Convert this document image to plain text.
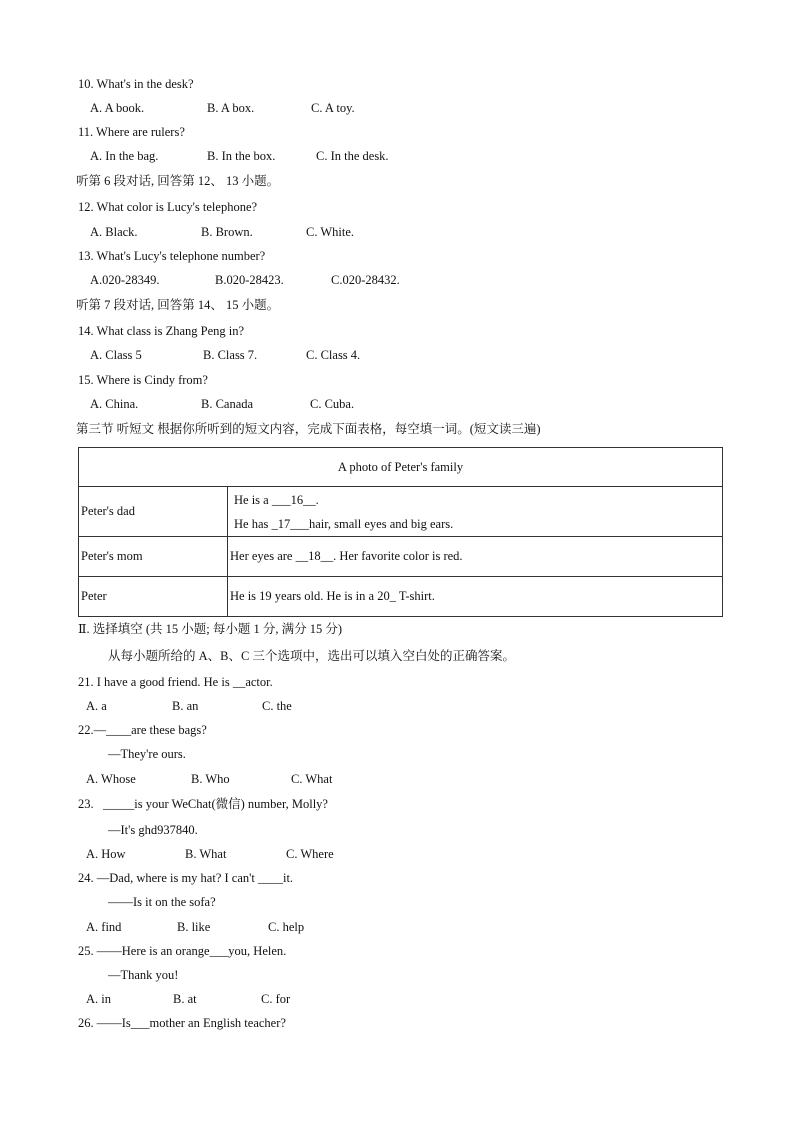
10. What's in the desk?
A. A book.	B. A box.	C. A toy.
11. Where are rulers?
A. In the bag.	B. In the box.	C. In the desk.
听第 6 段对话, 回答第 12、 13 小题。
12. What color is Lucy's telephone?
A. Black.	B. Brown.	C. White.
13. What's Lucy's telephone number?
A.020-28349.	B.020-28423.	C.020-28432.
听第 7 段对话, 回答第 14、 15 小题。
14. What class is Zhang Peng in?
A. Class 5	B. Class 7.	C. Class 4.
15. Where is Cindy from?
A. China.	B. Canada	C. Cuba.
第三节 听短文 根据你所听到的短文内容，完成下面表格，每空填一词。(短文读三遍)
A photo of Peter's family	
Peter's dad	He is a ___16__.
He has _17___hair, small eyes and big ears.

Peter's mom	Her eyes are __18__. Her favorite color is red.
Peter	He is 19 years old. He is in a 20_ T-shirt.
Ⅱ. 选择填空 (共 15 小题; 每小题 1 分, 满分 15 分)
从每小题所给的 A、B、C 三个选项中，选出可以填入空白处的正确答案。
21. I have a good friend. He is __actor.
A. a	B. an	C. the
22.—____are these bags?
—They're ours.
A. Whose	B. Who	C. What
23.   _____is your WeChat(微信) number, Molly?
—It's ghd937840.
A. How	B. What	C. Where
24. —Dad, where is my hat? I can't ____it.
——Is it on the sofa?
A. find	B. like	C. help
25. ——Here is an orange___you, Helen.
—Thank you!
A. in	B. at	C. for
26. ——Is___mother an English teacher?
